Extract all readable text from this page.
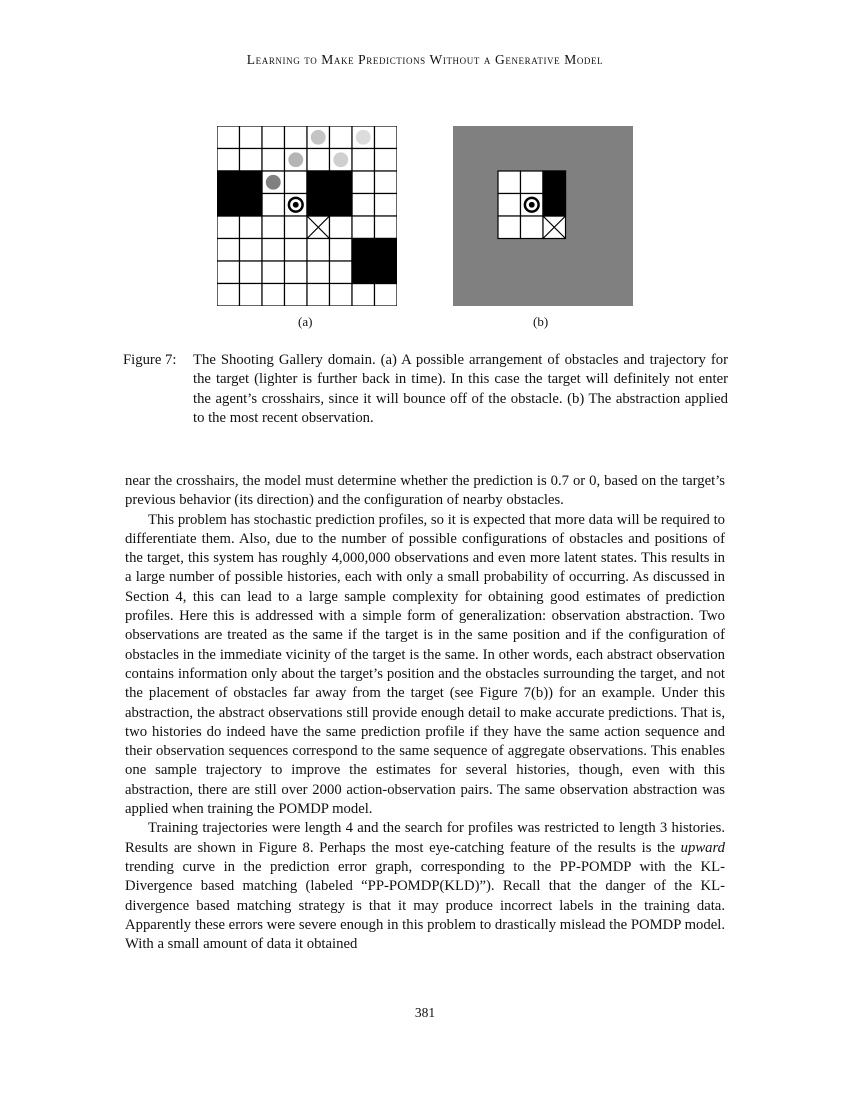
Learning to Make Predictions Without a Generative Model
(a)	(b)
Figure 7: The Shooting Gallery domain. (a) A possible arrangement of obstacles and trajectory for the target (lighter is further back in time). In this case the target will definitely not enter the agent’s crosshairs, since it will bounce off of the obstacle. (b) The abstraction applied to the most recent observation.

near the crosshairs, the model must determine whether the prediction is 0.7 or 0, based on the target’s previous behavior (its direction) and the configuration of nearby obstacles.

This problem has stochastic prediction profiles, so it is expected that more data will be required to differentiate them. Also, due to the number of possible configurations of obstacles and positions of the target, this system has roughly 4,000,000 observations and even more latent states. This results in a large number of possible histories, each with only a small probability of occurring. As discussed in Section 4, this can lead to a large sample complexity for obtaining good estimates of prediction profiles. Here this is addressed with a simple form of generalization: observation abstraction. Two observations are treated as the same if the target is in the same position and if the configuration of obstacles in the immediate vicinity of the target is the same. In other words, each abstract observation contains information only about the target’s position and the obstacles surrounding the target, and not the placement of obstacles far away from the target (see Figure 7(b)) for an example. Under this abstraction, the abstract observations still provide enough detail to make accurate predictions. That is, two histories do indeed have the same prediction profile if they have the same action sequence and their observation sequences correspond to the same sequence of aggregate observations. This enables one sample trajectory to improve the estimates for several histories, though, even with this abstraction, there are still over 2000 action-observation pairs. The same observation abstraction was applied when training the POMDP model.

Training trajectories were length 4 and the search for profiles was restricted to length 3 histories. Results are shown in Figure 8. Perhaps the most eye-catching feature of the results is the upward trending curve in the prediction error graph, corresponding to the PP-POMDP with the KL-Divergence based matching (labeled “PP-POMDP(KLD)”). Recall that the danger of the KL-divergence based matching strategy is that it may produce incorrect labels in the training data. Apparently these errors were severe enough in this problem to drastically mislead the POMDP model. With a small amount of data it obtained

381
